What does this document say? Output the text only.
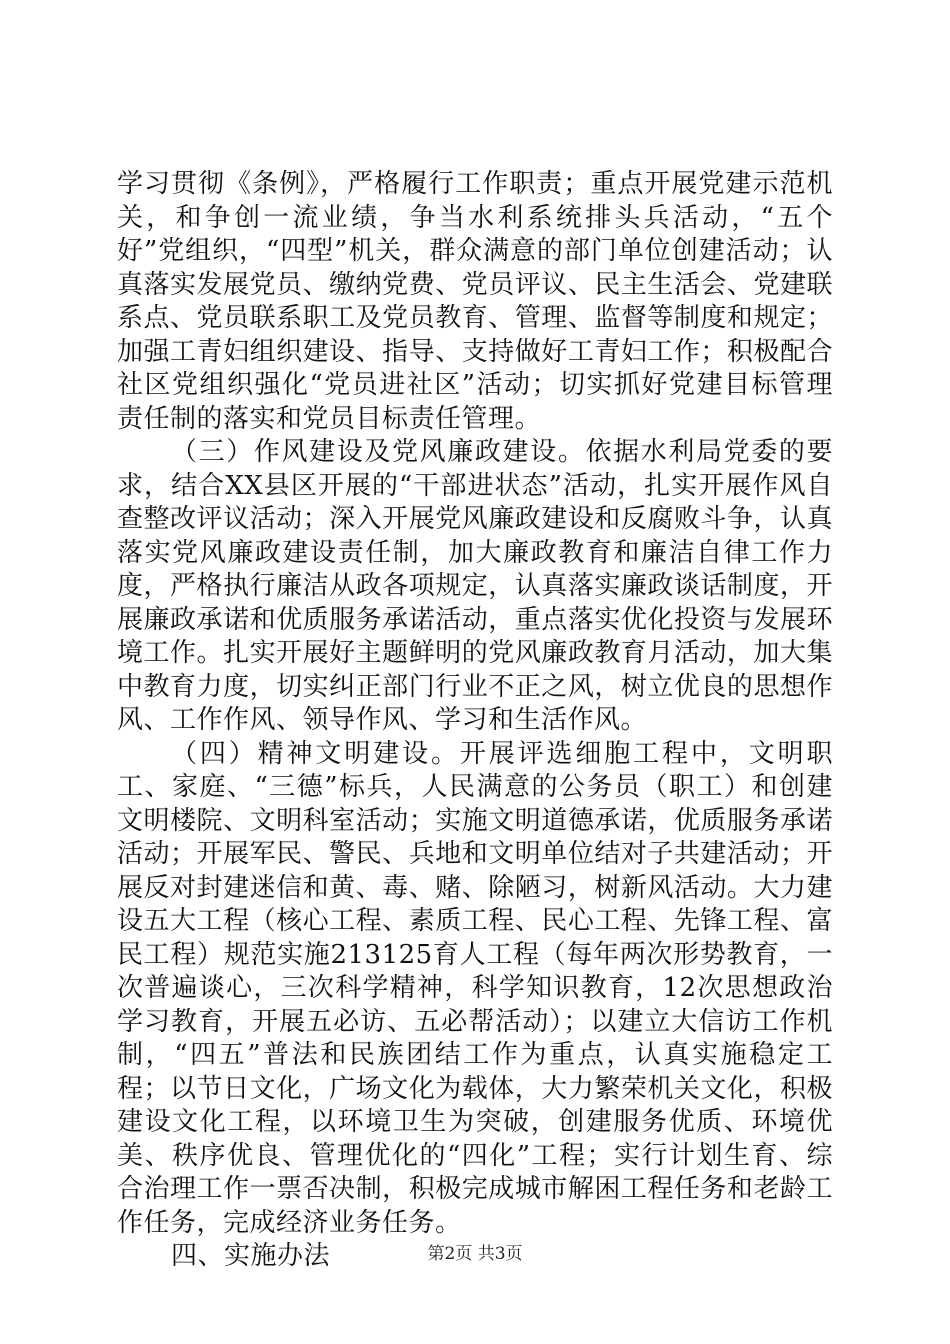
学习贯彻《条例》，严格履行工作职责；重点开展党建示范机关，和争创一流业绩，争当水利系统排头兵活动，“五个好”党组织，“四型”机关，群众满意的部门单位创建活动；认真落实发展党员、缴纳党费、党员评议、民主生活会、党建联系点、党员联系职工及党员教育、管理、监督等制度和规定；加强工青妇组织建设、指导、支持做好工青妇工作；积极配合社区党组织强化“党员进社区”活动；切实抓好党建目标管理责任制的落实和党员目标责任管理。

（三）作风建设及党风廉政建设。依据水利局党委的要求，结合XX县区开展的“干部进状态”活动，扎实开展作风自查整改评议活动；深入开展党风廉政建设和反腐败斗争，认真落实党风廉政建设责任制，加大廉政教育和廉洁自律工作力度，严格执行廉洁从政各项规定，认真落实廉政谈话制度，开展廉政承诺和优质服务承诺活动，重点落实优化投资与发展环境工作。扎实开展好主题鲜明的党风廉政教育月活动，加大集中教育力度，切实纠正部门行业不正之风，树立优良的思想作风、工作作风、领导作风、学习和生活作风。

（四）精神文明建设。开展评选细胞工程中，文明职工、家庭、“三德”标兵，人民满意的公务员（职工）和创建文明楼院、文明科室活动；实施文明道德承诺，优质服务承诺活动；开展军民、警民、兵地和文明单位结对子共建活动；开展反对封建迷信和黄、毒、赌、除陋习，树新风活动。大力建设五大工程（核心工程、素质工程、民心工程、先锋工程、富民工程）规范实施213125育人工程（每年两次形势教育，一次普遍谈心，三次科学精神，科学知识教育，12次思想政治学习教育，开展五必访、五必帮活动）；以建立大信访工作机制，“四五”普法和民族团结工作为重点，认真实施稳定工程；以节日文化，广场文化为载体，大力繁荣机关文化，积极建设文化工程，以环境卫生为突破，创建服务优质、环境优美、秩序优良、管理优化的“四化”工程；实行计划生育、综合治理工作一票否决制，积极完成城市解困工程任务和老龄工作任务，完成经济业务任务。

四、实施办法	第2页 共3页
